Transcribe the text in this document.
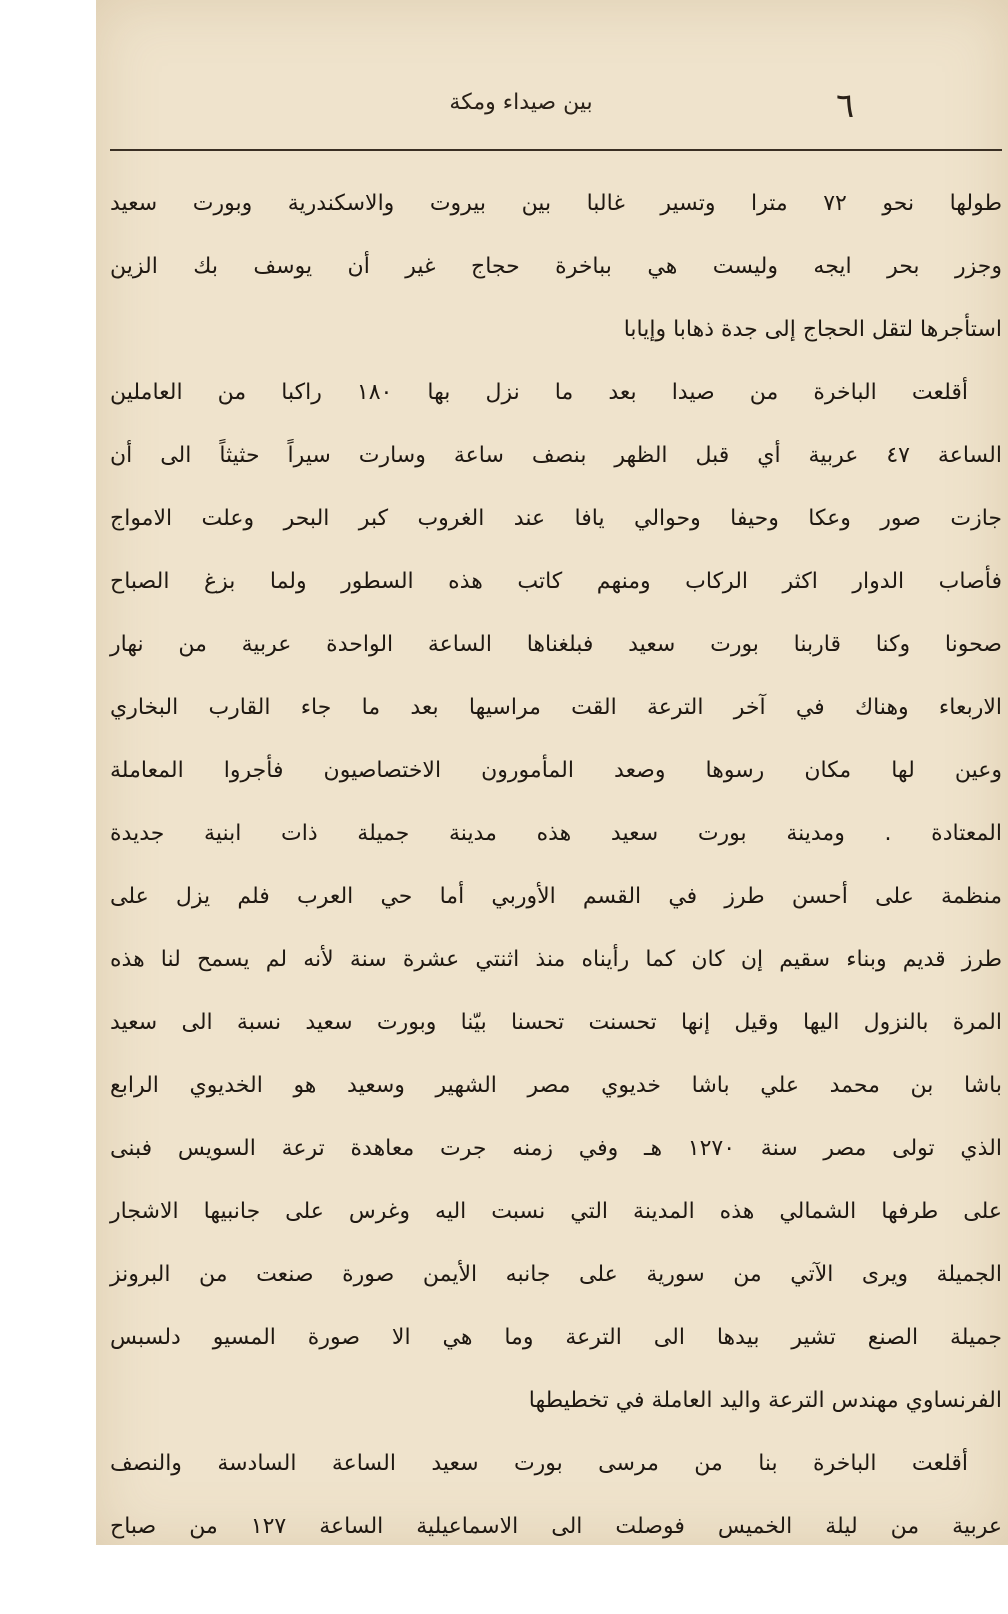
٦
بين صيداء ومكة
طولها نحو ٧٢ مترا وتسير غالبا بين بيروت والاسكندرية وبورت سعيد
وجزر بحر ايجه وليست هي بباخرة حجاج غير أن يوسف بك الزين
استأجرها لتقل الحجاج إلى جدة ذهابا وإيابا
أقلعت الباخرة من صيدا بعد ما نزل بها ١٨٠ راكبا من العاملين
الساعة ٤٧ عربية أي قبل الظهر بنصف ساعة وسارت سيراً حثيثاً الى أن
جازت صور وعكا وحيفا وحوالي يافا عند الغروب كبر البحر وعلت الامواج
فأصاب الدوار اكثر الركاب ومنهم كاتب هذه السطور ولما بزغ الصباح
صحونا وكنا قاربنا بورت سعيد فبلغناها الساعة الواحدة عربية من نهار
الاربعاء وهناك في آخر الترعة القت مراسيها بعد ما جاء القارب البخاري
وعين لها مكان رسوها وصعد المأمورون الاختصاصيون فأجروا المعاملة
المعتادة . ومدينة بورت سعيد هذه مدينة جميلة ذات ابنية جديدة
منظمة على أحسن طرز في القسم الأوربي أما حي العرب فلم يزل على
طرز قديم وبناء سقيم إن كان كما رأيناه منذ اثنتي عشرة سنة لأنه لم يسمح لنا هذه
المرة بالنزول اليها وقيل إنها تحسنت تحسنا بيّنا وبورت سعيد نسبة الى سعيد
باشا بن محمد علي باشا خديوي مصر الشهير وسعيد هو الخديوي الرابع
الذي تولى مصر سنة ١٢٧٠ هـ وفي زمنه جرت معاهدة ترعة السويس فبنى
على طرفها الشمالي هذه المدينة التي نسبت اليه وغرس على جانبيها الاشجار
الجميلة ويرى الآتي من سورية على جانبه الأيمن صورة صنعت من البرونز
جميلة الصنع تشير بيدها الى الترعة وما هي الا صورة المسيو دلسبس
الفرنساوي مهندس الترعة واليد العاملة في تخطيطها
أقلعت الباخرة بنا من مرسى بورت سعيد الساعة السادسة والنصف
عربية من ليلة الخميس فوصلت الى الاسماعيلية الساعة ١٢٧ من صباح
